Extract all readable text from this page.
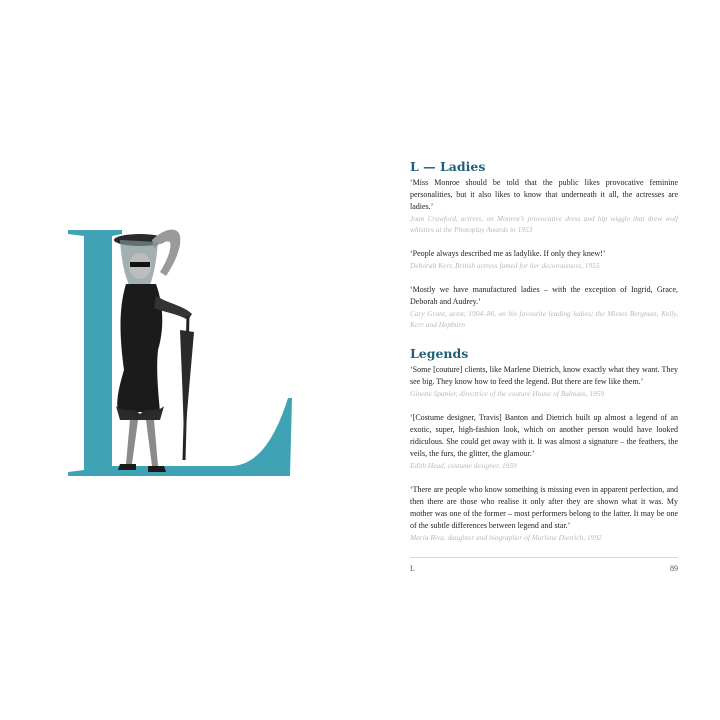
L — Ladies

‘Miss Monroe should be told that the public likes provocative feminine personalities, but it also likes to know that underneath it all, the actresses are ladies.’

Joan Crawford, actress, on Monroe’s provocative dress and hip wiggle that drew wolf whistles at the Photoplay Awards in 1953

‘People always described me as ladylike. If only they knew!’

Deborah Kerr, British actress famed for her decorousness, 1955

‘Mostly we have manufactured ladies – with the exception of Ingrid, Grace, Deborah and Audrey.’

Cary Grant, actor, 1904–86, on his favourite leading ladies; the Misses Bergman, Kelly, Kerr and Hepburn

Legends

‘Some [couture] clients, like Marlene Dietrich, know exactly what they want. They see big. They know how to feed the legend. But there are few like them.’

Ginette Spanier, directrice of the couture House of Balmain, 1959

‘[Costume designer, Travis] Banton and Dietrich built up almost a legend of an exotic, super, high-fashion look, which on another person would have looked ridiculous. She could get away with it. It was almost a signature – the feathers, the veils, the furs, the glitter, the glamour.’

Edith Head, costume designer, 1959

‘There are people who know something is missing even in apparent perfection, and then there are those who realise it only after they are shown what it was. My mother was one of the former – most performers belong to the latter. It may be one of the subtle differences between legend and star.’

Maria Riva, daughter and biographer of Marlene Dietrich, 1992

L	89
